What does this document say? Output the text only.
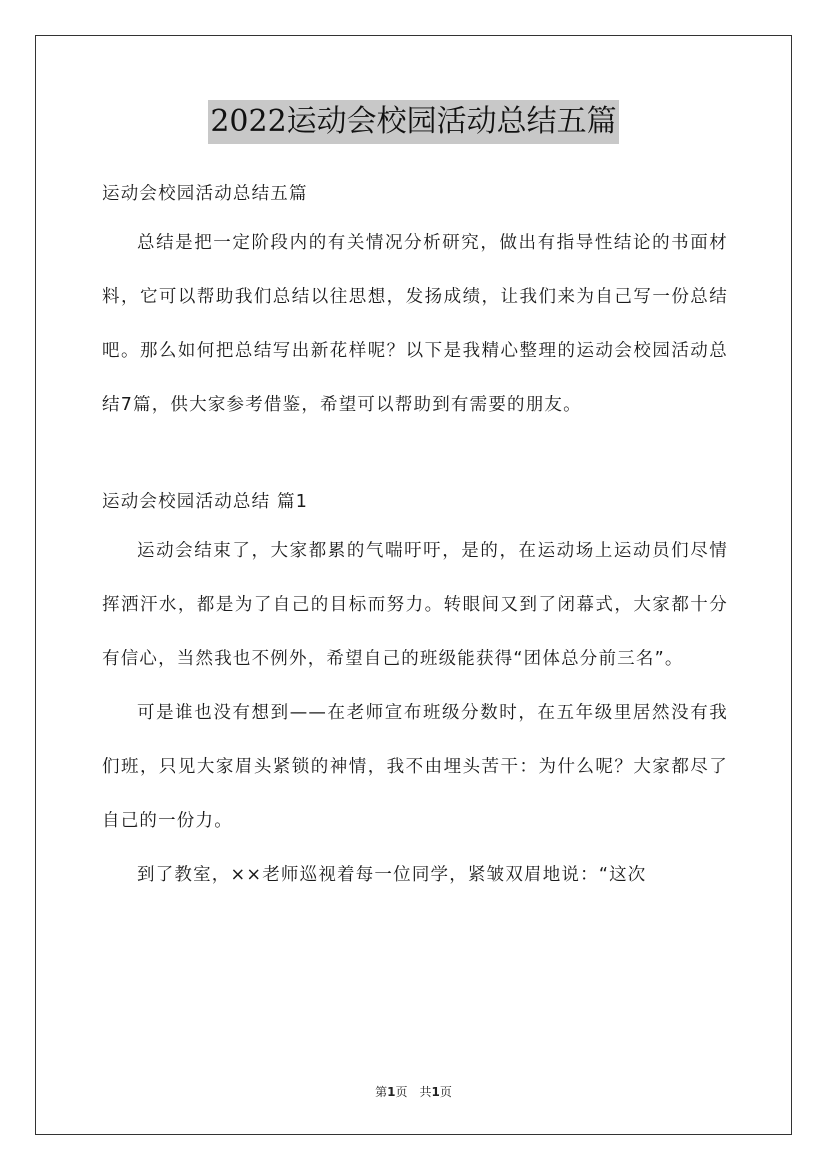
2022运动会校园活动总结五篇

运动会校园活动总结五篇

总结是把一定阶段内的有关情况分析研究，做出有指导性结论的书面材料，它可以帮助我们总结以往思想，发扬成绩，让我们来为自己写一份总结吧。那么如何把总结写出新花样呢？以下是我精心整理的运动会校园活动总结7篇，供大家参考借鉴，希望可以帮助到有需要的朋友。

运动会校园活动总结 篇1

运动会结束了，大家都累的气喘吁吁，是的，在运动场上运动员们尽情挥洒汗水，都是为了自己的目标而努力。转眼间又到了闭幕式，大家都十分有信心，当然我也不例外，希望自己的班级能获得“团体总分前三名”。

可是谁也没有想到——在老师宣布班级分数时，在五年级里居然没有我们班，只见大家眉头紧锁的神情，我不由埋头苦干：为什么呢？大家都尽了自己的一份力。

到了教室，××老师巡视着每一位同学，紧皱双眉地说：“这次

第1页　共1页
